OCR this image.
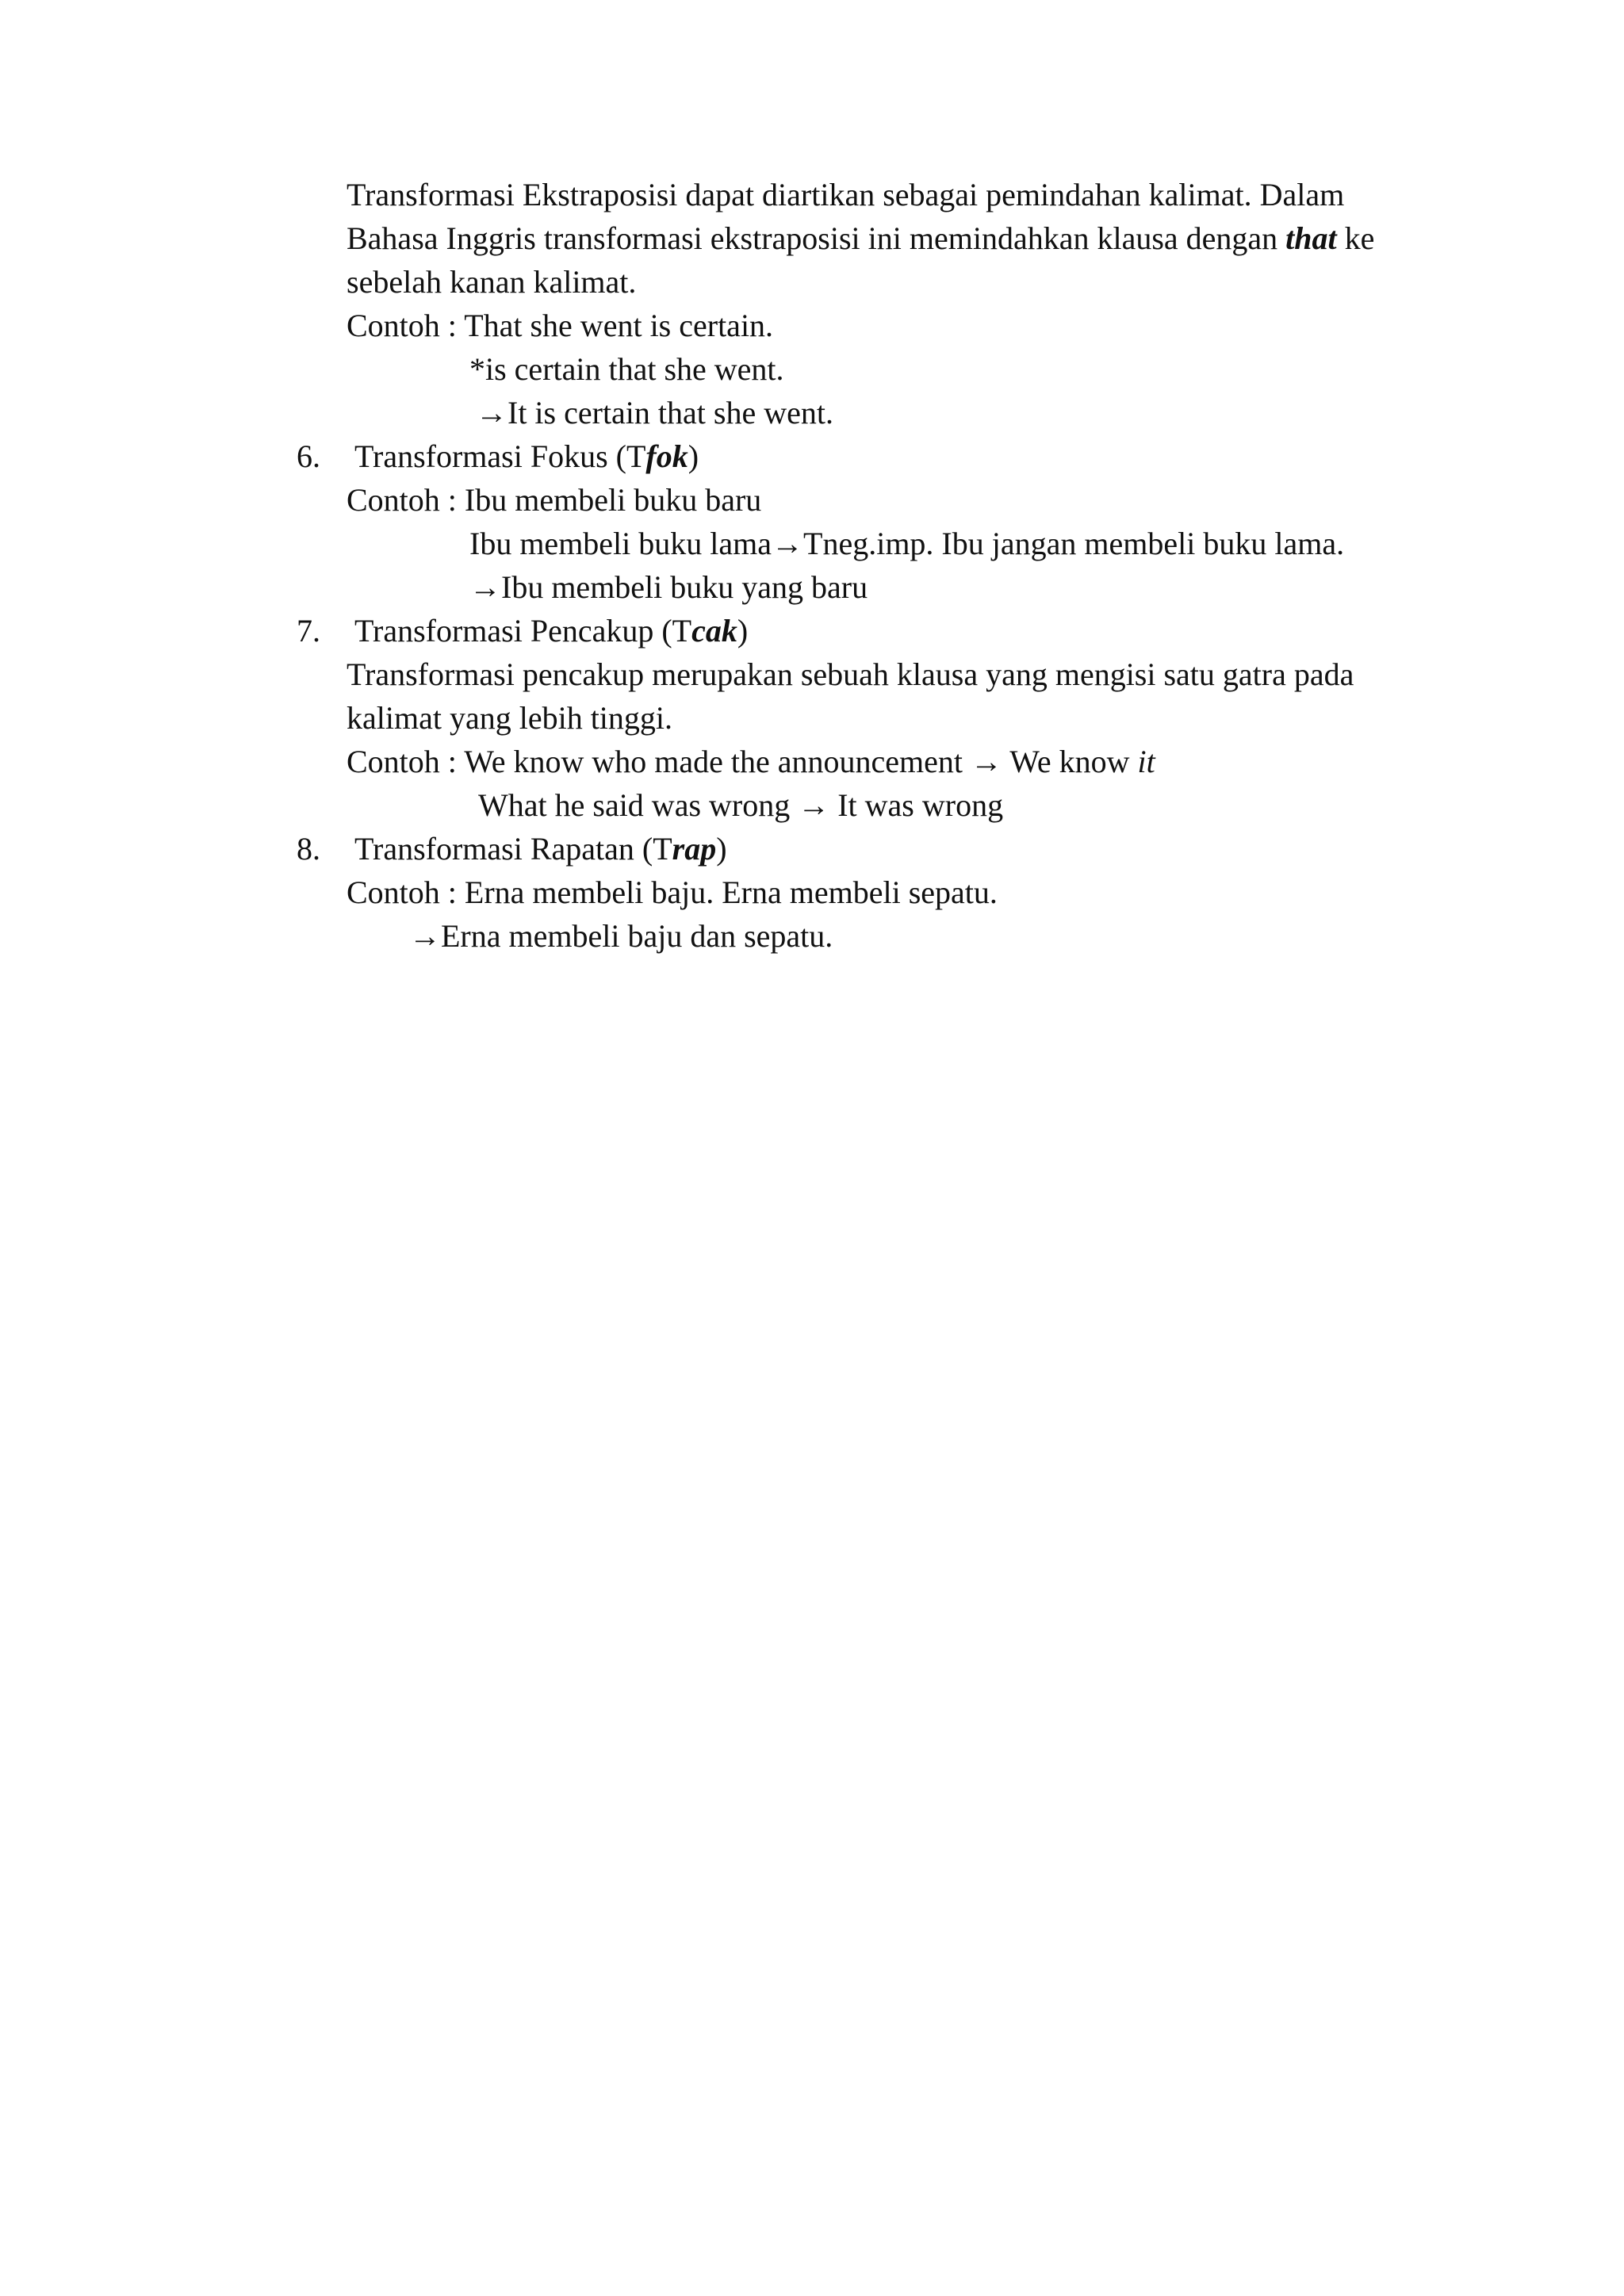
Transformasi Ekstraposisi dapat diartikan sebagai pemindahan kalimat. Dalam
Bahasa Inggris transformasi ekstraposisi ini memindahkan klausa dengan that ke
sebelah kanan kalimat.
Contoh : That she went is certain.
*is certain that she went.
→It is certain that she went.
6. Transformasi Fokus (Tfok)
Contoh : Ibu membeli buku baru
Ibu membeli buku lama→Tneg.imp. Ibu jangan membeli buku lama.
→Ibu membeli buku yang baru
7. Transformasi Pencakup (Tcak)
Transformasi pencakup merupakan sebuah klausa yang mengisi satu gatra pada
kalimat yang lebih tinggi.
Contoh : We know who made the announcement → We know it
What he said was wrong → It was wrong
8. Transformasi Rapatan (Trap)
Contoh : Erna membeli baju. Erna membeli sepatu.
→Erna membeli baju dan sepatu.
